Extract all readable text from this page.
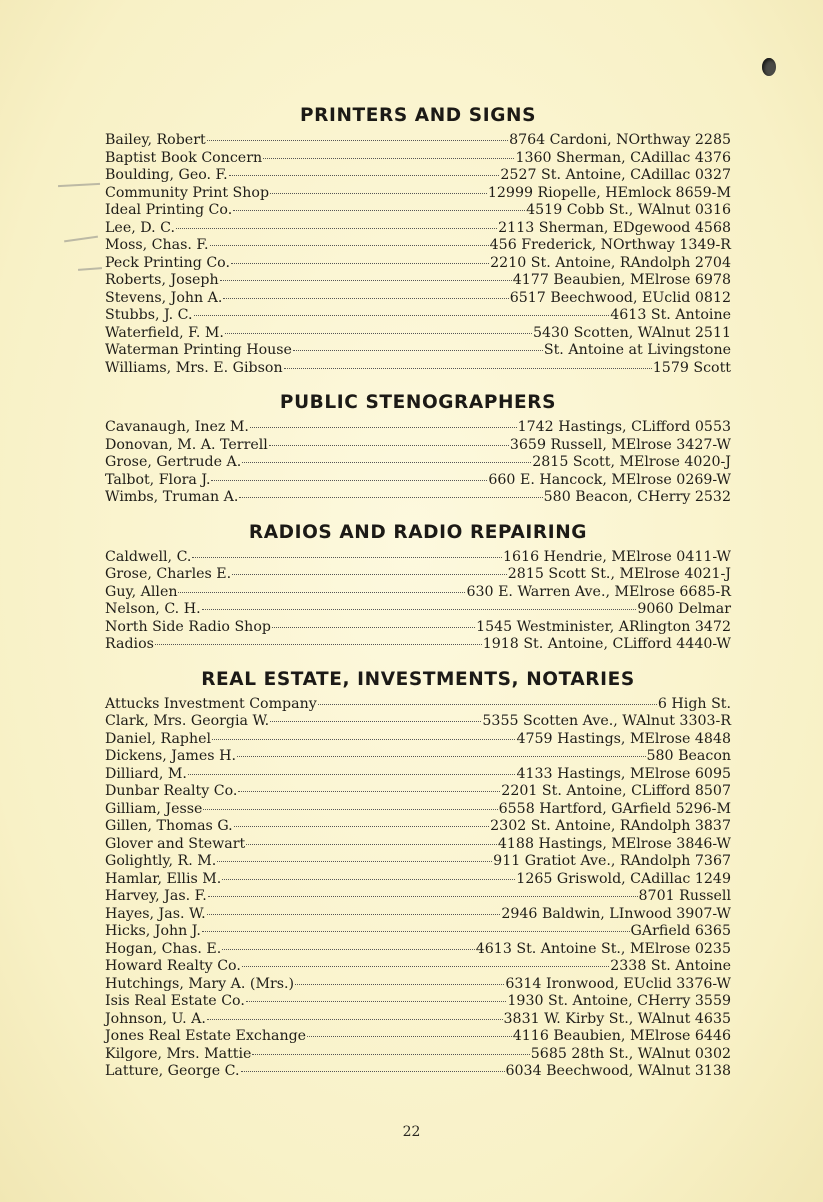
PRINTERS AND SIGNS
Bailey, Robert	8764 Cardoni, NOrthway 2285
Baptist Book Concern	1360 Sherman, CAdillac 4376
Boulding, Geo. F.	2527 St. Antoine, CAdillac 0327
Community Print Shop	12999 Riopelle, HEmlock 8659-M
Ideal Printing Co.	4519 Cobb St., WAlnut 0316
Lee, D. C.	2113 Sherman, EDgewood 4568
Moss, Chas. F.	456 Frederick, NOrthway 1349-R
Peck Printing Co.	2210 St. Antoine, RAndolph 2704
Roberts, Joseph	4177 Beaubien, MElrose 6978
Stevens, John A.	6517 Beechwood, EUclid 0812
Stubbs, J. C.	4613 St. Antoine
Waterfield, F. M.	5430 Scotten, WAlnut 2511
Waterman Printing House	St. Antoine at Livingstone
Williams, Mrs. E. Gibson	1579 Scott
PUBLIC STENOGRAPHERS
Cavanaugh, Inez M.	1742 Hastings, CLifford 0553
Donovan, M. A. Terrell	3659 Russell, MElrose 3427-W
Grose, Gertrude A.	2815 Scott, MElrose 4020-J
Talbot, Flora J.	660 E. Hancock, MElrose 0269-W
Wimbs, Truman A.	580 Beacon, CHerry 2532
RADIOS AND RADIO REPAIRING
Caldwell, C.	1616 Hendrie, MElrose 0411-W
Grose, Charles E.	2815 Scott St., MElrose 4021-J
Guy, Allen	630 E. Warren Ave., MElrose 6685-R
Nelson, C. H.	9060 Delmar
North Side Radio Shop	1545 Westminister, ARlington 3472
Radios	1918 St. Antoine, CLifford 4440-W
REAL ESTATE, INVESTMENTS, NOTARIES
Attucks Investment Company	6 High St.
Clark, Mrs. Georgia W.	5355 Scotten Ave., WAlnut 3303-R
Daniel, Raphel	4759 Hastings, MElrose 4848
Dickens, James H.	580 Beacon
Dilliard, M.	4133 Hastings, MElrose 6095
Dunbar Realty Co.	2201 St. Antoine, CLifford 8507
Gilliam, Jesse	6558 Hartford, GArfield 5296-M
Gillen, Thomas G.	2302 St. Antoine, RAndolph 3837
Glover and Stewart	4188 Hastings, MElrose 3846-W
Golightly, R. M.	911 Gratiot Ave., RAndolph 7367
Hamlar, Ellis M.	1265 Griswold, CAdillac 1249
Harvey, Jas. F.	8701 Russell
Hayes, Jas. W.	2946 Baldwin, LInwood 3907-W
Hicks, John J.	GArfield 6365
Hogan, Chas. E.	4613 St. Antoine St., MElrose 0235
Howard Realty Co.	2338 St. Antoine
Hutchings, Mary A. (Mrs.)	6314 Ironwood, EUclid 3376-W
Isis Real Estate Co.	1930 St. Antoine, CHerry 3559
Johnson, U. A.	3831 W. Kirby St., WAlnut 4635
Jones Real Estate Exchange	4116 Beaubien, MElrose 6446
Kilgore, Mrs. Mattie	5685 28th St., WAlnut 0302
Latture, George C.	6034 Beechwood, WAlnut 3138
22
